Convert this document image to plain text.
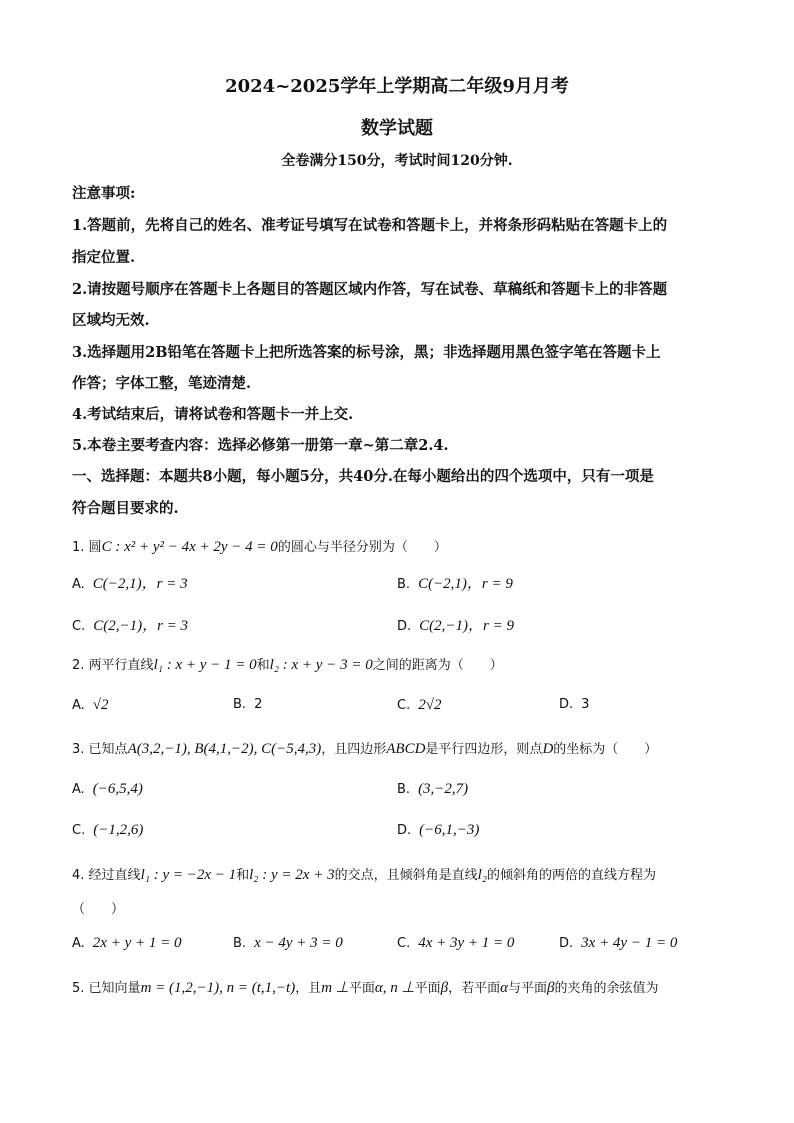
2024~2025学年上学期高二年级9月月考
数学试题
全卷满分150分，考试时间120分钟.
注意事项:
1.答题前，先将自己的姓名、准考证号填写在试卷和答题卡上，并将条形码粘贴在答题卡上的
指定位置.
2.请按题号顺序在答题卡上各题目的答题区域内作答，写在试卷、草稿纸和答题卡上的非答题
区域均无效.
3.选择题用2B铅笔在答题卡上把所选答案的标号涂，黑；非选择题用黑色签字笔在答题卡上
作答；字体工整，笔迹清楚.
4.考试结束后，请将试卷和答题卡一并上交.
5.本卷主要考查内容：选择必修第一册第一章~第二章2.4.
一、选择题：本题共8小题，每小题5分，共40分.在每小题给出的四个选项中，只有一项是
符合题目要求的.
1. 圆C : x² + y² − 4x + 2y − 4 = 0的圆心与半径分别为（　　）
A. C(−2,1)，r = 3	B. C(−2,1)，r = 9
C. C(2,−1)，r = 3	D. C(2,−1)，r = 9
2. 两平行直线l₁ : x + y − 1 = 0和l₂ : x + y − 3 = 0之间的距离为（　　）
A. √2	B. 2	C. 2√2	D. 3
3. 已知点A(3,2,−1), B(4,1,−2), C(−5,4,3)，且四边形ABCD是平行四边形，则点D的坐标为（　　）
A. (−6,5,4)	B. (3,−2,7)
C. (−1,2,6)	D. (−6,1,−3)
4. 经过直线l₁ : y = −2x − 1和l₂ : y = 2x + 3的交点，且倾斜角是直线l₂的倾斜角的两倍的直线方程为
（　　）
A. 2x + y + 1 = 0	B. x − 4y + 3 = 0	C. 4x + 3y + 1 = 0	D. 3x + 4y − 1 = 0
5. 已知向量m = (1,2,−1), n = (t,1,−t)，且m ⊥平面α, n ⊥平面β，若平面α与平面β的夹角的余弦值为
